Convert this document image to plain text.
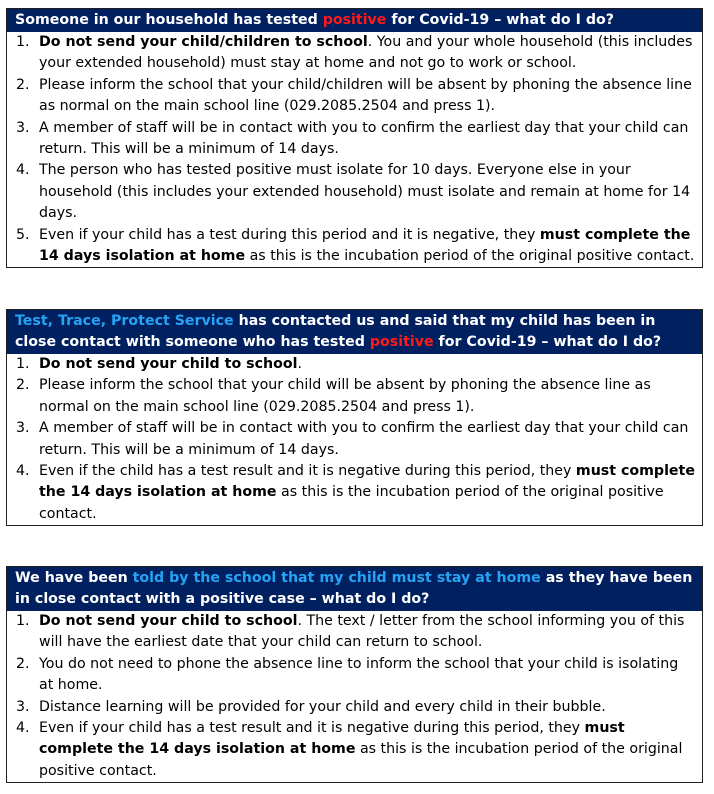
Someone in our household has tested positive for Covid-19 – what do I do?
1. Do not send your child/children to school. You and your whole household (this includes your extended household) must stay at home and not go to work or school.
2. Please inform the school that your child/children will be absent by phoning the absence line as normal on the main school line (029.2085.2504 and press 1).
3. A member of staff will be in contact with you to confirm the earliest day that your child can return. This will be a minimum of 14 days.
4. The person who has tested positive must isolate for 10 days. Everyone else in your household (this includes your extended household) must isolate and remain at home for 14 days.
5. Even if your child has a test during this period and it is negative, they must complete the 14 days isolation at home as this is the incubation period of the original positive contact.
Test, Trace, Protect Service has contacted us and said that my child has been in close contact with someone who has tested positive for Covid-19 – what do I do?
1. Do not send your child to school.
2. Please inform the school that your child will be absent by phoning the absence line as normal on the main school line (029.2085.2504 and press 1).
3. A member of staff will be in contact with you to confirm the earliest day that your child can return. This will be a minimum of 14 days.
4. Even if the child has a test result and it is negative during this period, they must complete the 14 days isolation at home as this is the incubation period of the original positive contact.
We have been told by the school that my child must stay at home as they have been in close contact with a positive case – what do I do?
1. Do not send your child to school. The text / letter from the school informing you of this will have the earliest date that your child can return to school.
2. You do not need to phone the absence line to inform the school that your child is isolating at home.
3. Distance learning will be provided for your child and every child in their bubble.
4. Even if your child has a test result and it is negative during this period, they must complete the 14 days isolation at home as this is the incubation period of the original positive contact.
